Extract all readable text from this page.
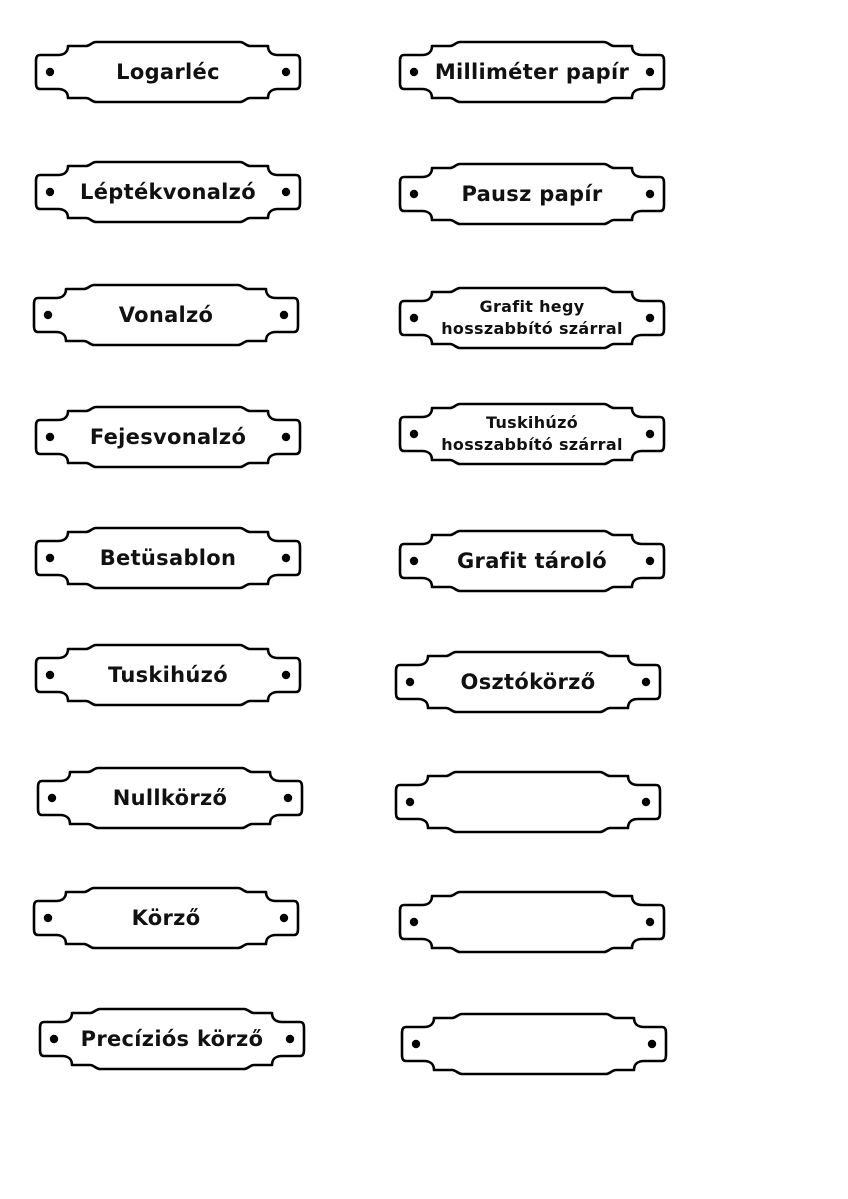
Logarléc	Milliméter papír
Léptékvonalzó	Pausz papír
Vonalzó	Grafit hegy
hosszabbító szárral
Fejesvonalzó
Tuskihúzó
hosszabbító szárral
Betüsablon	Grafit tároló
Tuskihúzó	Osztókörző
Nullkörző
Körző
Precíziós körző
